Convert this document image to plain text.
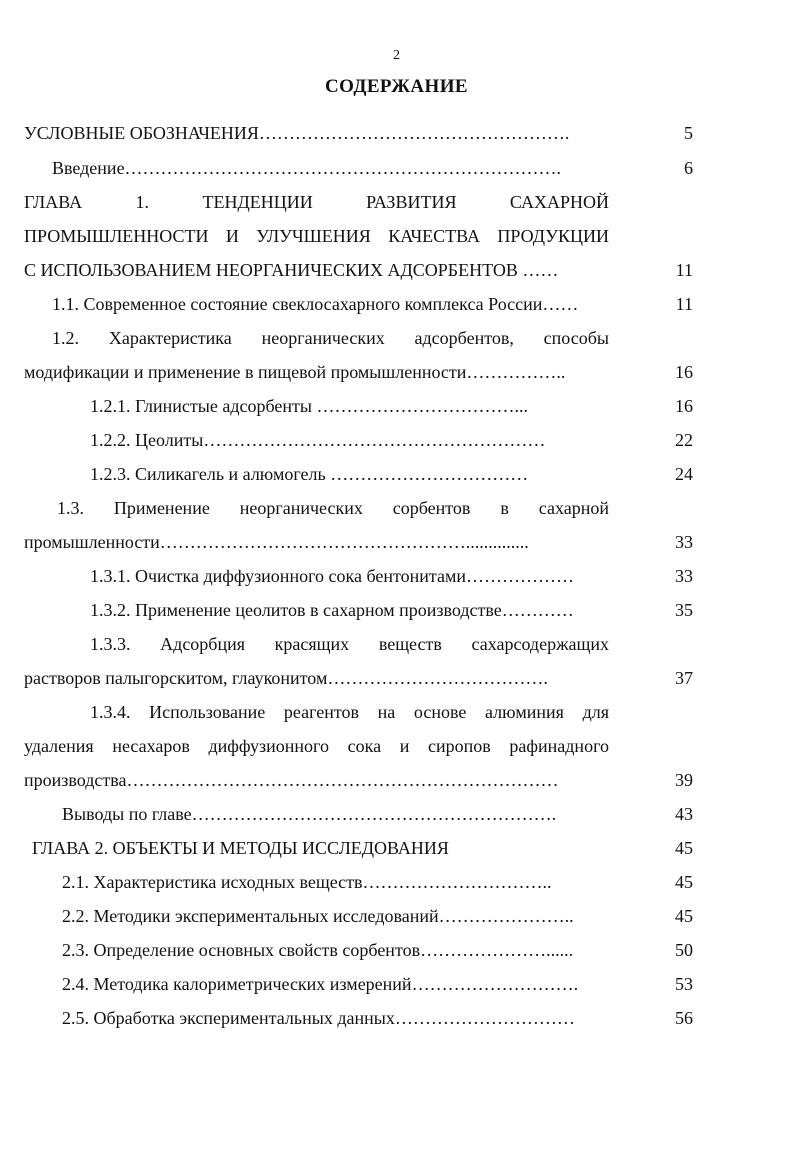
2
СОДЕРЖАНИЕ
УСЛОВНЫЕ ОБОЗНАЧЕНИЯ…………………………………………….	5
Введение……………………………………………………………….	6
ГЛАВА 1. ТЕНДЕНЦИИ РАЗВИТИЯ САХАРНОЙ
ПРОМЫШЛЕННОСТИ И УЛУЧШЕНИЯ КАЧЕСТВА ПРОДУКЦИИ
С ИСПОЛЬЗОВАНИЕМ НЕОРГАНИЧЕСКИХ АДСОРБЕНТОВ ……	11
1.1. Современное состояние свеклосахарного комплекса России……	11
1.2. Характеристика неорганических адсорбентов, способы
модификации и применение в пищевой промышленности……………..	16
1.2.1. Глинистые адсорбенты ……………………………...	16
1.2.2. Цеолиты…………………………………………………	22
1.2.3. Силикагель и алюмогель ……………………………	24
1.3. Применение неорганических сорбентов в сахарной
промышленности……………………………………………..............	33
1.3.1. Очистка диффузионного сока бентонитами………………	33
1.3.2. Применение цеолитов в сахарном производстве…………	35
1.3.3. Адсорбция красящих веществ сахарсодержащих
растворов палыгорскитом, глауконитом……………………………….	37
1.3.4. Использование реагентов на основе алюминия для
удаления несахаров диффузионного сока и сиропов рафинадного
производства………………………………………………………………	39
Выводы по главе…………………………………………………….	43
ГЛАВА 2. ОБЪЕКТЫ И МЕТОДЫ ИССЛЕДОВАНИЯ	45
2.1. Характеристика исходных веществ…………………………..	45
2.2. Методики экспериментальных исследований…………………..	45
2.3. Определение основных свойств сорбентов…………………......	50
2.4. Методика калориметрических измерений……………………….	53
2.5. Обработка экспериментальных данных…………………………	56
